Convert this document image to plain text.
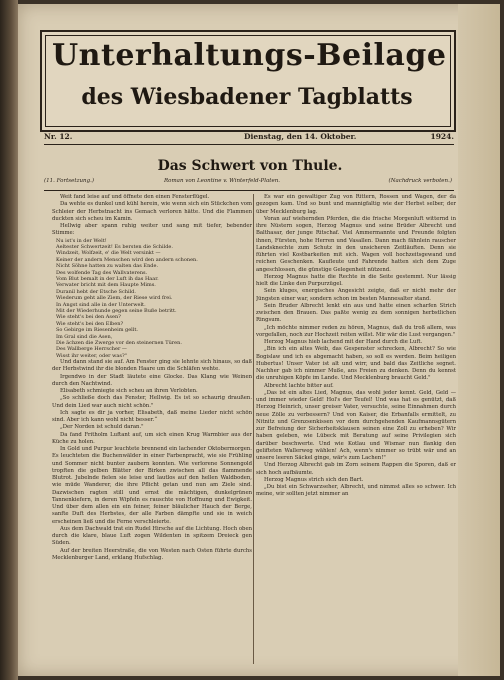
Unterhaltungs-Beilage
des Wiesbadener Tagblatts
Nr. 12.	Dienstag, den 14. Oktober.	1924.
Das Schwert von Thule.
(11. Fortsetzung.)	Roman von Leontine v. Winterfeld-Platen.	(Nachdruck verboten.)

Weit fand leise auf und öffnete den einen Fensterflügel.

Da wehte es dunkel und kühl herein, wie wenn sich ein Stückchen vom Schleier der Herbstnacht ins Gemach verloren hätte. Und die Flammen duckten sich scheu im Kamin.

Hellwig aber spann ruhig weiter und sang mit tiefer, bebender Stimme:

Nu ist's in der Welt!
Aeltester Schwertzeit! Es bersten die Schilde.
Windzeit, Wolfzeit, e' die Welt versinkt —
Keiner der andern Menschen wird den andern schonen.
Nicht Söhne hatten zu walten das Ende.
Des wolfende Tag des Wallvaterens.
Vom Blut bemalt in der Luft ih das Haar.
Verwater bricht mit dem Haupte Mims.
Duranil hebt der Etsche Schild.
Wiederum geht alle Ziem, der Riese wird frei.
In Angst sind alle in der Unterwelt.
Mit der Wiederhunde gegen seine Buße betritt.
Wie steht's bei den Asen?
Wie steht's bei den Elben?
So Gebirge im Riesenheim gellt.
Im Gral sind die Asen,
Die ächzen die Zwerge vor den steinernen Türen.
Des Wallberge Herrscher —
Wisst ihr weiter, oder was?"

Und dann stand sie auf. Am Fenster ging sie lehnte sich hinaus, so daß der Herbstwind ihr die blonden Haare um die Schläfen wehte.

Irgendwo in der Stadt läutete eine Glocke. Das Klang wie Weinen durch den Nachtwind.

Elisabeth schmiegte sich scheu an ihren Verlobten.

„So schließe doch das Fenster, Hellwig. Es ist so schaurig draußen. Und dein Lied war auch nicht schön."

Ich sagte es dir ja vorher, Elisabeth, daß meine Lieder nicht schön sind. Aber ich kann wohl nicht besser.“

„Der Norden ist schuld daran."

Da fand Fritholm Luftant auf, um sich einen Krug Warmbier aus der Küche zu holen.

In Gold und Purpur leuchtete brennend ein lachender Oktobermorgen. Es leuchteten die Buchenwälder in einer Farbenpracht, wie sie Frühling und Sommer nicht bunter zaubern konnten. Wie verlorene Sonnengold tropften die gelben Blätter der Birken zwischen all das flammende Blutrot. Jubelnde fielen sie leise und lautlos auf den hellen Waldboden, wie müde Wanderer, die ihre Pflicht getan und nun am Ziele sind. Dazwischen ragten still und ernst die mächtigen, dunkelgrünen Tannenkiefern, in deren Wipfeln es rauschte von Hoffnung und Ewigkeit. Und über dem allen ein ein feiner, feiner bläulicher Hauch der Berge, sanfte Duft des Herbstes, der alle Farben dämpfte und sie in weich erscheinen ließ und die Ferne verschleierte.

Aus dem Dachwald trat ein Rudel Hirsche auf die Lichtung. Hoch oben durch die klare, blaue Luft zogen Wildenten in spitzem Dreieck gen Süden.

Auf der breiten Heerstraße, die von Westen nach Osten führte durchs Mecklenburger Land, erklang Hufschlag.

Es war ein gewaltiger Zug von Rittern, Rossen und Wagen, der da gezogen kam. Und so bunt und mannigfaltig wie der Herbst selber, der über Mecklenburg lag.

Voran auf wiehernden Pferden, die die frische Morgenluft witternd in ihre Nüstern sogen, Herzog Magnus und seine Brüder Albrecht und Balthasar, der junge Ritschaf. Viel Ammermannte und Freunde folgten ihnen, Fürsten, hohe Herren und Vasallen. Dann mach fähnlein rauscher Landsknechte zum Schutz in den unsicheren Zeitläuften. Denn sie führten viel Kostbarkeiten mit sich. Wagen voll hochzeitsgewand und reichen Geschenken. Kaufleute und Fahrende hatten sich dem Zuge angeschlossen, die günstige Gelegenheit nützend.

Herzog Magnus hatte die Rechte in die Seite gestemmt. Nur lässig hielt die Linke den Purpurzügel.

Sein kluges, energisches Angesicht zeigte, daß er nicht mehr der Jüngsten einer war, sondern schon im besten Mannesalter stand.

Sein Bruder Albrecht lenkt ein aus und hatte einen scharfen Strich zwischen den Brauen. Das paßte wenig zu dem sonnigen herbstlichen Ringsum.

„Ich möchte nimmer reden zu hören, Magnus, daß du troß allem, was vorgefallen, noch zur Hochzeit reiten willst. Mir wär die Lust vergangen."

Herzog Magnus hieb lachend mit der Hand durch die Luft.

„Bin ich ein altes Weib, das Gespenster schrecken, Albrecht? So wie Bogislaw und ich es abgemacht haben, so soll es werden. Beim heiligen Hubertus! Unser Vater ist alt und wirr, und bald das Zeitliche segnet. Nachher gab ich nimmer Muße, ans Freien zu denken. Denn du kennst die unruhigen Köpfe im Lande. Und Mecklenburg braucht Geld."

Albrecht lachte bitter auf.

„Das ist ein altes Lied, Magnus, das wohl jeder kennt. Geld, Geld — und immer wieder Geld! Hol's der Teufel! Und was hat es genützt, daß Herzog Heinrich, unser greiser Vater, versuchte, seine Einnahmen durch neue Zölle zu verbessern? Und von Kaiser, die Erbanfalls ermittelt, zu Nitnitz und Grenzsenkissen vor dem durchgehenden Kaufmannsgütern zur Befreiung der Sicherheitsklausen seinen eine Zoll zu erheben? Wir haben geleben, wie Lübeck mit Beratung auf seine Privilegien sich darüber beschwerte. Und wie Kotlau und Wismar nun flankig den gelifteten Wallerweg wählen! Ach, wenn's nimmer so trübt wär und an unsere leeren Säckel ginge, wär's zum Lachen!"

Und Herzog Albrecht gab im Zorn seinem Rappen die Sporen, daß er sich hoch aufbäumte.

Herzog Magnus strich sich den Bart.

„Du bist ein Schwarzseher, Albrecht, und nimmst alles so schwer. Ich meine, wir sollten jetzt nimmer an
